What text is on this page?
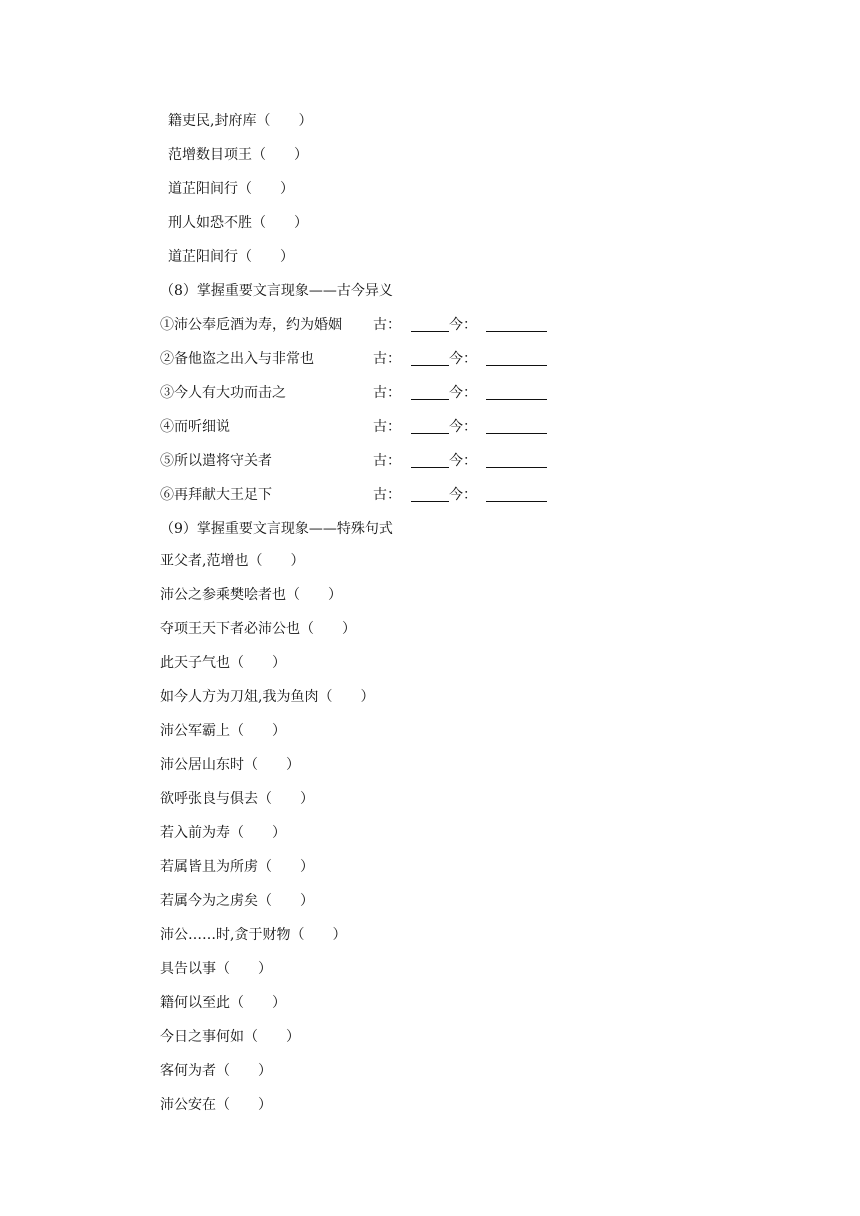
籍吏民,封府库（　　）
范增数目项王（　　）
道芷阳间行（　　）
刑人如恐不胜（　　）
道芷阳间行（　　）
（8）掌握重要文言现象——古今异义
①沛公奉卮酒为寿，约为婚姻 古：	今：
②备他盗之出入与非常也	古：	今：
③今人有大功而击之	古：	今：
④而听细说	古：	今：
⑤所以遣将守关者	古：	今：
⑥再拜献大王足下	古：	今：
（9）掌握重要文言现象——特殊句式
亚父者,范增也（　　）
沛公之参乘樊哙者也（　　）
夺项王天下者必沛公也（　　）
此天子气也（　　）
如今人方为刀俎,我为鱼肉（　　）
沛公军霸上（　　）
沛公居山东时（　　）
欲呼张良与俱去（　　）
若入前为寿（　　）
若属皆且为所虏（　　）
若属今为之虏矣（　　）
沛公……时,贪于财物（　　）
具告以事（　　）
籍何以至此（　　）
今日之事何如（　　）
客何为者（　　）
沛公安在（　　）
